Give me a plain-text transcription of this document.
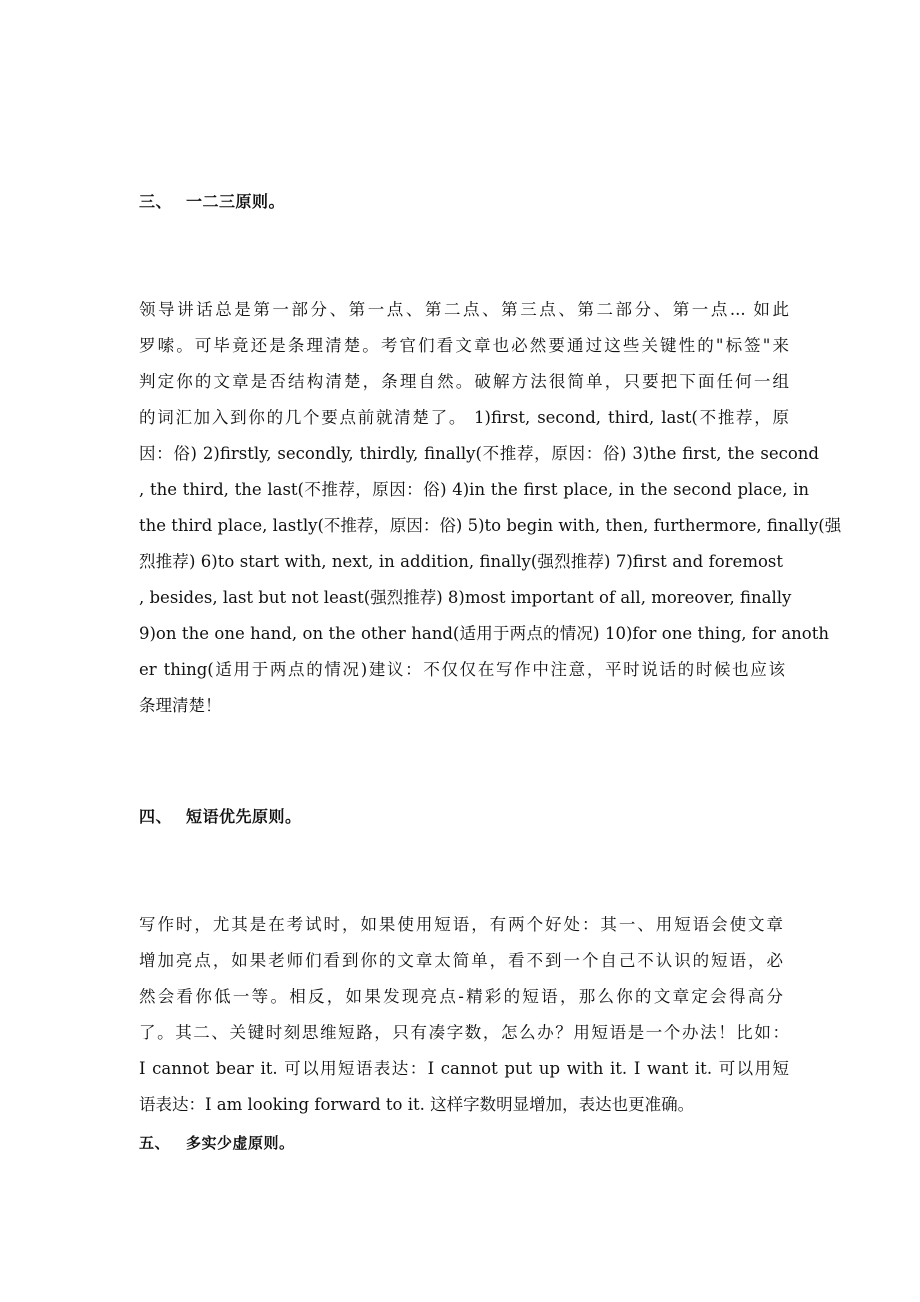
三、 一二三原则。
领导讲话总是第一部分、第一点、第二点、第三点、第二部分、第一点... 如此
罗嗦。可毕竟还是条理清楚。考官们看文章也必然要通过这些关键性的"标签"来
判定你的文章是否结构清楚，条理自然。破解方法很简单，只要把下面任何一组
的词汇加入到你的几个要点前就清楚了。 1)first, second, third, last(不推荐，原
因：俗) 2)firstly, secondly, thirdly, finally(不推荐，原因：俗) 3)the first, the second
, the third, the last(不推荐，原因：俗) 4)in the first place, in the second place, in
the third place, lastly(不推荐，原因：俗) 5)to begin with, then, furthermore, finally(强
烈推荐) 6)to start with, next, in addition, finally(强烈推荐) 7)first and foremost
, besides, last but not least(强烈推荐) 8)most important of all, moreover, finally
9)on the one hand, on the other hand(适用于两点的情况) 10)for one thing, for anoth
er thing(适用于两点的情况)建议：不仅仅在写作中注意，平时说话的时候也应该
条理清楚！
四、 短语优先原则。
写作时，尤其是在考试时，如果使用短语，有两个好处：其一、用短语会使文章
增加亮点，如果老师们看到你的文章太简单，看不到一个自己不认识的短语，必
然会看你低一等。相反，如果发现亮点-精彩的短语，那么你的文章定会得高分
了。其二、关键时刻思维短路，只有凑字数，怎么办？用短语是一个办法！比如：
I cannot bear it. 可以用短语表达：I cannot put up with it. I want it. 可以用短
语表达：I am looking forward to it. 这样字数明显增加，表达也更准确。
五、 多实少虚原则。
